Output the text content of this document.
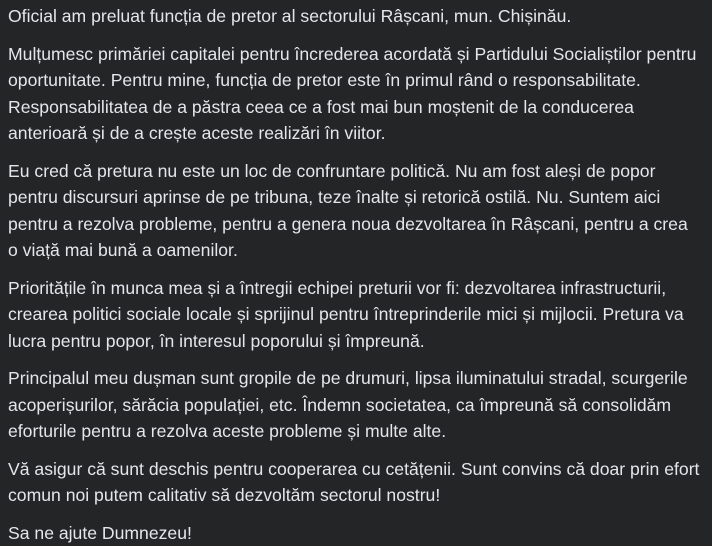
Oficial am preluat funcția de pretor al sectorului Râșcani, mun. Chișinău.

Mulțumesc primăriei capitalei pentru încrederea acordată și Partidului Socialiștilor pentru oportunitate. Pentru mine, funcția de pretor este în primul rând o responsabilitate. Responsabilitatea de a păstra ceea ce a fost mai bun moștenit de la conducerea anterioară și de a crește aceste realizări în viitor.

Eu cred că pretura nu este un loc de confruntare politică. Nu am fost aleși de popor pentru discursuri aprinse de pe tribuna, teze înalte și retorică ostilă. Nu. Suntem aici pentru a rezolva probleme, pentru a genera noua dezvoltarea în Râșcani, pentru a crea o viață mai bună a oamenilor.

Prioritățile în munca mea și a întregii echipei preturii vor fi: dezvoltarea infrastructurii, crearea politici sociale locale și sprijinul pentru întreprinderile mici și mijlocii. Pretura va lucra pentru popor, în interesul poporului și împreună.

Principalul meu dușman sunt gropile de pe drumuri, lipsa iluminatului stradal, scurgerile acoperișurilor, sărăcia populației, etc. Îndemn societatea, ca împreună să consolidăm eforturile pentru a rezolva aceste probleme și multe alte.

Vă asigur că sunt deschis pentru cooperarea cu cetățenii. Sunt convins că doar prin efort comun noi putem calitativ să dezvoltăm sectorul nostru!

Sa ne ajute Dumnezeu!
